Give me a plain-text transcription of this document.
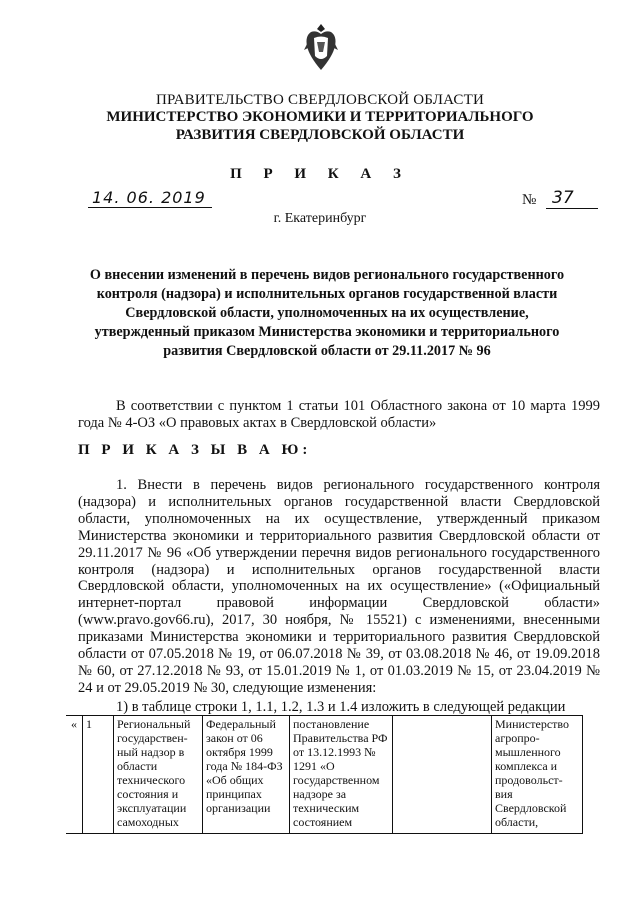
ПРАВИТЕЛЬСТВО СВЕРДЛОВСКОЙ ОБЛАСТИ
МИНИСТЕРСТВО ЭКОНОМИКИ И ТЕРРИТОРИАЛЬНОГО
РАЗВИТИЯ СВЕРДЛОВСКОЙ ОБЛАСТИ
П Р И К А З
14. 06. 2019	№ 37
г. Екатеринбург
О внесении изменений в перечень видов регионального государственного контроля (надзора) и исполнительных органов государственной власти Свердловской области, уполномоченных на их осуществление, утвержденный приказом Министерства экономики и территориального развития Свердловской области от 29.11.2017 № 96
В соответствии с пунктом 1 статьи 101 Областного закона от 10 марта 1999 года № 4-ОЗ «О правовых актах в Свердловской области»
П Р И К А З Ы В А Ю:
1. Внести в перечень видов регионального государственного контроля (надзора) и исполнительных органов государственной власти Свердловской области, уполномоченных на их осуществление, утвержденный приказом Министерства экономики и территориального развития Свердловской области от 29.11.2017 № 96 «Об утверждении перечня видов регионального государственного контроля (надзора) и исполнительных органов государственной власти Свердловской области, уполномоченных на их осуществление» («Официальный интернет-портал правовой информации Свердловской области» (www.pravo.gov66.ru), 2017, 30 ноября, № 15521) с изменениями, внесенными приказами Министерства экономики и территориального развития Свердловской области от 07.05.2018 № 19, от 06.07.2018 № 39, от 03.08.2018 № 46, от 19.09.2018 № 60, от 27.12.2018 № 93, от 15.01.2019 № 1, от 01.03.2019 № 15, от 23.04.2019 № 24 и от 29.05.2019 № 30, следующие изменения:
1) в таблице строки 1, 1.1, 1.2, 1.3 и 1.4 изложить в следующей редакции
«	1	Региональный государствен-ный надзор в области технического состояния и эксплуатации самоходных	Федеральный закон от 06 октября 1999 года № 184-ФЗ «Об общих принципах организации	постановление Правительства РФ от 13.12.1993 № 1291 «О государственном надзоре за техническим состоянием		Министерство агропро-мышленного комплекса и продовольст-вия Свердловской области,
